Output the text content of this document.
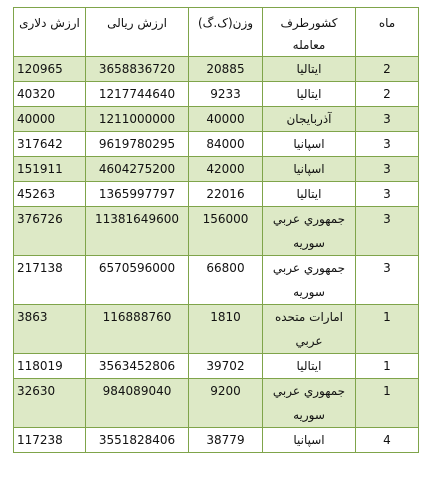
ماه	کشورطرف معامله	وزن(ک.گ)	ارزش ریالی	ارزش دلاری
2	ایتالیا	20885	3658836720	120965
2	ایتالیا	9233	1217744640	40320
3	آذربایجان	40000	1211000000	40000
3	اسپانیا	84000	9619780295	317642
3	اسپانیا	42000	4604275200	151911
3	ایتالیا	22016	1365997797	45263
3	جمهوري عربي سوريه	156000	11381649600	376726
3	جمهوري عربي سوريه	66800	6570596000	217138
1	امارات متحده عربي	1810	116888760	3863
1	ایتالیا	39702	3563452806	118019
1	جمهوري عربي سوريه	9200	984089040	32630
4	اسپانیا	38779	3551828406	117238
